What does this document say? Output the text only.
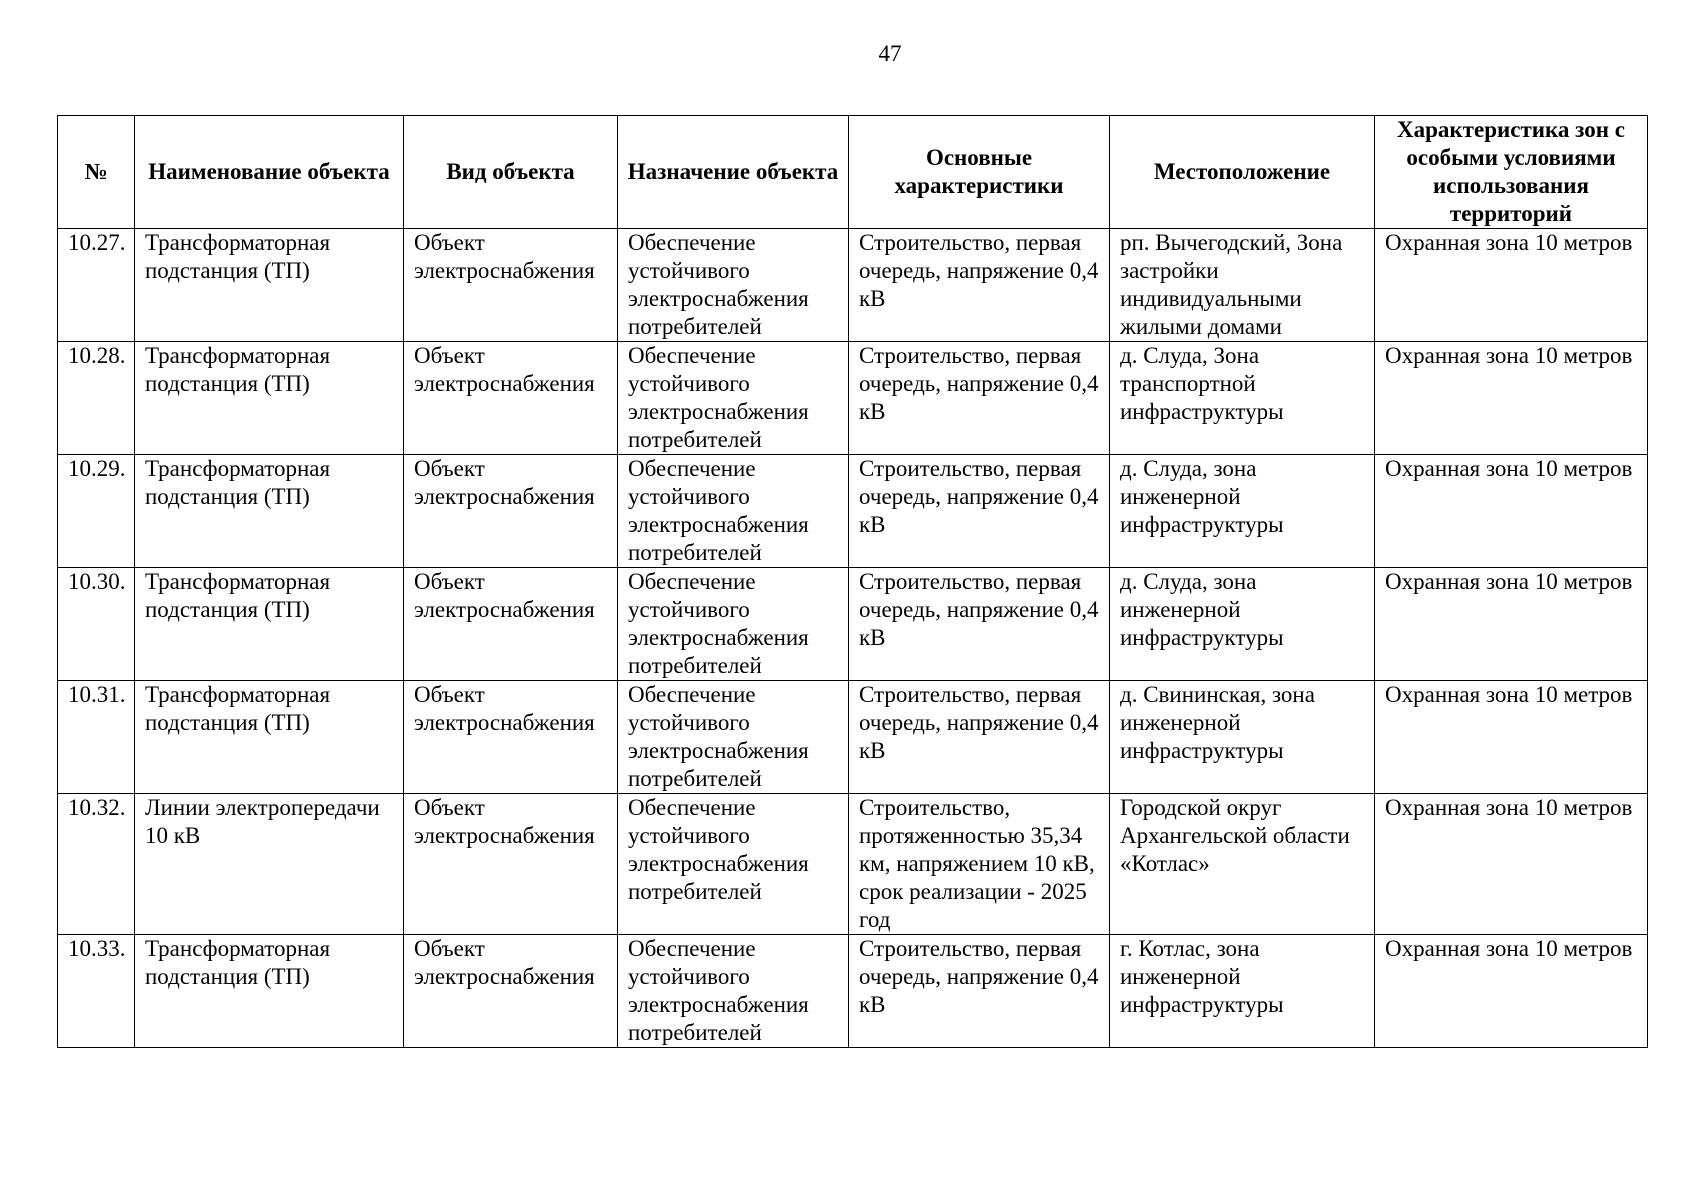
47
№	Наименование объекта	Вид объекта	Назначение объекта	Основные характеристики	Местоположение	Характеристика зон с особыми условиями использования территорий
10.27.	Трансформаторная подстанция (ТП)	Объект электроснабжения	Обеспечение устойчивого электроснабжения потребителей	Строительство, первая очередь, напряжение 0,4 кВ	рп. Вычегодский, Зона застройки индивидуальными жилыми домами	Охранная зона 10 метров
10.28.	Трансформаторная подстанция (ТП)	Объект электроснабжения	Обеспечение устойчивого электроснабжения потребителей	Строительство, первая очередь, напряжение 0,4 кВ	д. Слуда, Зона транспортной инфраструктуры	Охранная зона 10 метров
10.29.	Трансформаторная подстанция (ТП)	Объект электроснабжения	Обеспечение устойчивого электроснабжения потребителей	Строительство, первая очередь, напряжение 0,4 кВ	д. Слуда, зона инженерной инфраструктуры	Охранная зона 10 метров
10.30.	Трансформаторная подстанция (ТП)	Объект электроснабжения	Обеспечение устойчивого электроснабжения потребителей	Строительство, первая очередь, напряжение 0,4 кВ	д. Слуда, зона инженерной инфраструктуры	Охранная зона 10 метров
10.31.	Трансформаторная подстанция (ТП)	Объект электроснабжения	Обеспечение устойчивого электроснабжения потребителей	Строительство, первая очередь, напряжение 0,4 кВ	д. Свининская, зона инженерной инфраструктуры	Охранная зона 10 метров
10.32.	Линии электропередачи 10 кВ	Объект электроснабжения	Обеспечение устойчивого электроснабжения потребителей	Строительство, протяженностью 35,34 км, напряжением 10 кВ, срок реализации - 2025 год	Городской округ Архангельской области «Котлас»	Охранная зона 10 метров
10.33.	Трансформаторная подстанция (ТП)	Объект электроснабжения	Обеспечение устойчивого электроснабжения потребителей	Строительство, первая очередь, напряжение 0,4 кВ	г. Котлас, зона инженерной инфраструктуры	Охранная зона 10 метров
